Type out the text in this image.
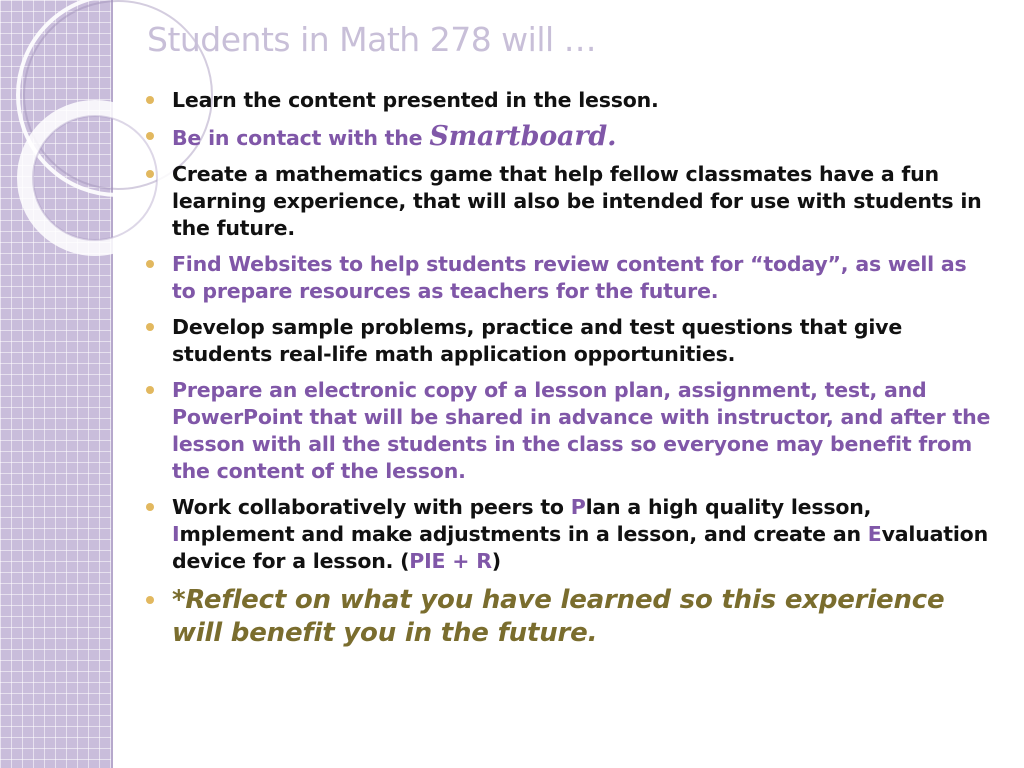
Students in Math 278 will …
Learn the content presented in the lesson.
Be in contact with the Smartboard.
Create a mathematics game that help fellow classmates have a fun learning experience, that will also be intended for use with students in the future.
Find Websites to help students review content for “today”, as well as to prepare resources as teachers for the future.
Develop sample problems, practice and test questions that give students real-life math application opportunities.
Prepare an electronic copy of a lesson plan, assignment, test, and PowerPoint that will be shared in advance with instructor, and after the lesson with all the students in the class so everyone may benefit from the content of the lesson.
Work collaboratively with peers to Plan a high quality lesson, Implement and make adjustments in a lesson, and create an Evaluation device for a lesson. (PIE + R)
*Reflect on what you have learned so this experience will benefit you in the future.
